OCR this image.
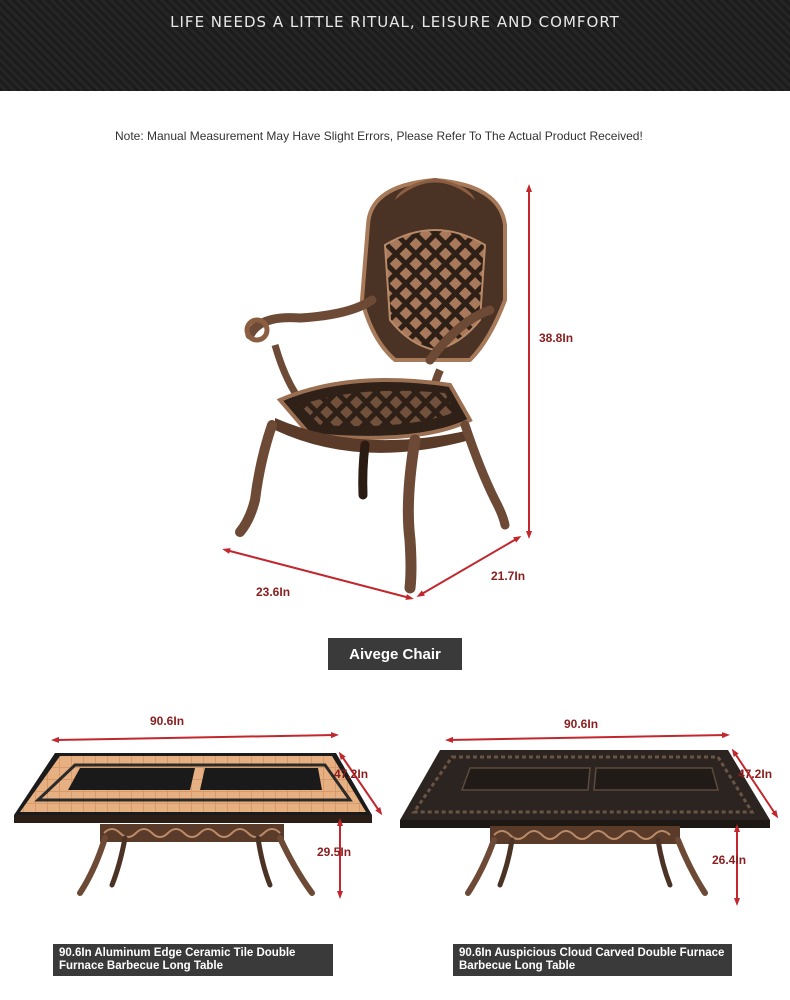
LIFE NEEDS A LITTLE RITUAL, LEISURE AND COMFORT
Note: Manual Measurement May Have Slight Errors, Please Refer To The Actual Product Received!
38.8In
23.6In
21.7In
Aivege Chair
90.6In
47.2In
29.5In
90.6In
47.2In
26.4In
90.6In Aluminum Edge Ceramic Tile Double Furnace Barbecue Long Table
90.6In Auspicious Cloud Carved Double Furnace Barbecue Long Table
